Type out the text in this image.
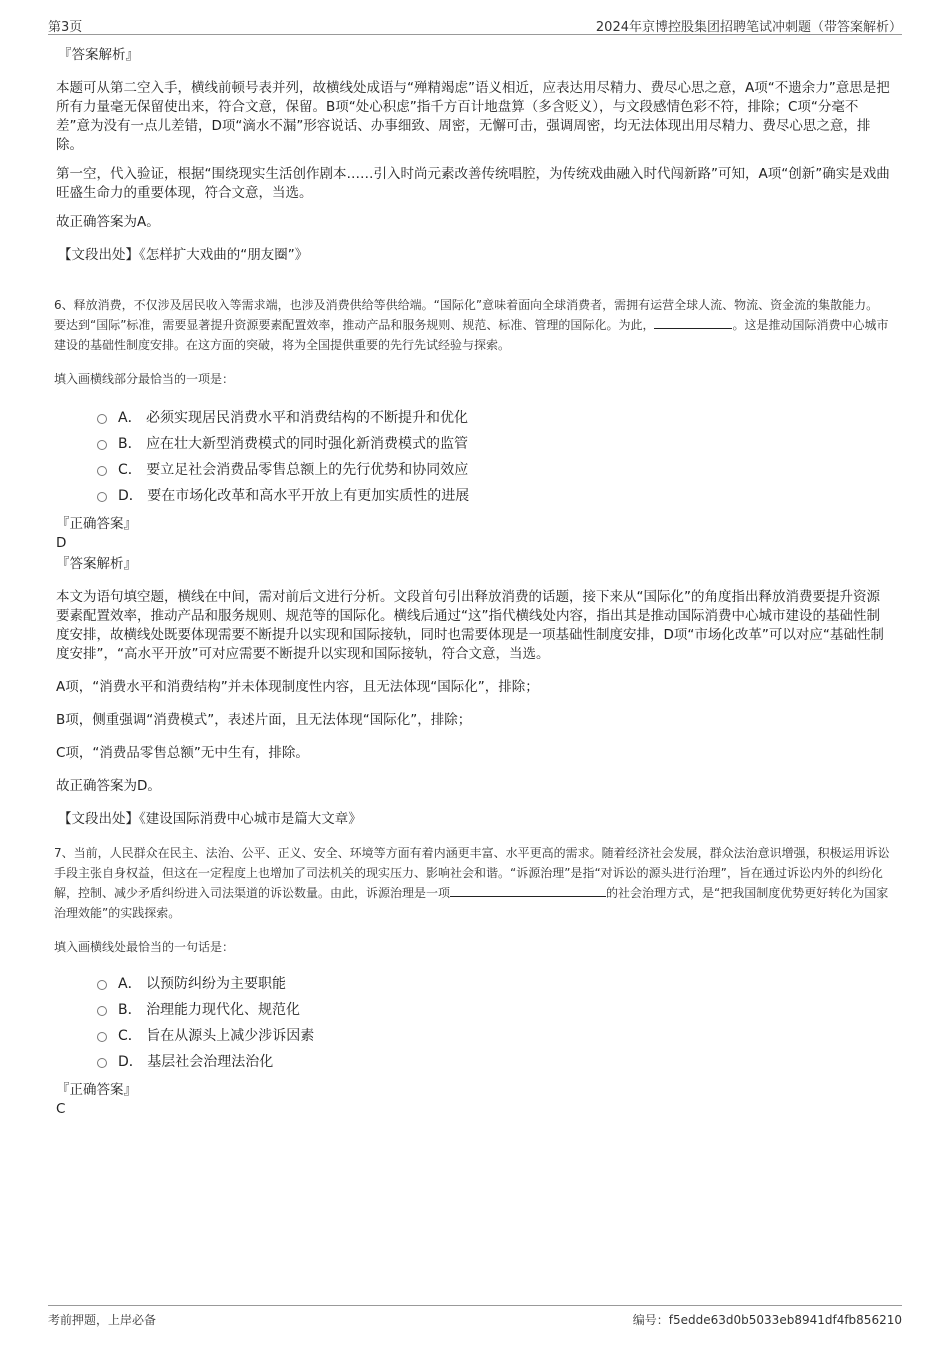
第3页	2024年京博控股集团招聘笔试冲刺题（带答案解析）
『答案解析』

本题可从第二空入手，横线前顿号表并列，故横线处成语与“殚精竭虑”语义相近，应表达用尽精力、费尽心思之意，A项“不遗余力”意思是把所有力量毫无保留使出来，符合文意，保留。B项“处心积虑”指千方百计地盘算（多含贬义），与文段感情色彩不符，排除；C项“分毫不差”意为没有一点儿差错，D项“滴水不漏”形容说话、办事细致、周密，无懈可击，强调周密，均无法体现出用尽精力、费尽心思之意，排除。

第一空，代入验证，根据“围绕现实生活创作剧本……引入时尚元素改善传统唱腔，为传统戏曲融入时代闯新路”可知，A项“创新”确实是戏曲旺盛生命力的重要体现，符合文意，当选。

故正确答案为A。

【文段出处】《怎样扩大戏曲的“朋友圈”》

6、释放消费，不仅涉及居民收入等需求端，也涉及消费供给等供给端。“国际化”意味着面向全球消费者，需拥有运营全球人流、物流、资金流的集散能力。要达到“国际”标准，需要显著提升资源要素配置效率，推动产品和服务规则、规范、标准、管理的国际化。为此，	。这是推动国际消费中心城市建设的基础性制度安排。在这方面的突破，将为全国提供重要的先行先试经验与探索。

填入画横线部分最恰当的一项是：

A． 必须实现居民消费水平和消费结构的不断提升和优化
B． 应在壮大新型消费模式的同时强化新消费模式的监管
C． 要立足社会消费品零售总额上的先行优势和协同效应
D． 要在市场化改革和高水平开放上有更加实质性的进展
『正确答案』
D
『答案解析』

本文为语句填空题，横线在中间，需对前后文进行分析。文段首句引出释放消费的话题，接下来从“国际化”的角度指出释放消费要提升资源要素配置效率，推动产品和服务规则、规范等的国际化。横线后通过“这”指代横线处内容，指出其是推动国际消费中心城市建设的基础性制度安排，故横线处既要体现需要不断提升以实现和国际接轨，同时也需要体现是一项基础性制度安排，D项“市场化改革”可以对应“基础性制度安排”，“高水平开放”可对应需要不断提升以实现和国际接轨，符合文意，当选。

A项，“消费水平和消费结构”并未体现制度性内容，且无法体现“国际化”，排除；

B项，侧重强调“消费模式”，表述片面，且无法体现“国际化”，排除；

C项，“消费品零售总额”无中生有，排除。

故正确答案为D。

【文段出处】《建设国际消费中心城市是篇大文章》

7、当前，人民群众在民主、法治、公平、正义、安全、环境等方面有着内涵更丰富、水平更高的需求。随着经济社会发展，群众法治意识增强，积极运用诉讼手段主张自身权益，但这在一定程度上也增加了司法机关的现实压力、影响社会和谐。“诉源治理”是指“对诉讼的源头进行治理”，旨在通过诉讼内外的纠纷化解，控制、减少矛盾纠纷进入司法渠道的诉讼数量。由此，诉源治理是一项	的社会治理方式，是“把我国制度优势更好转化为国家治理效能”的实践探索。

填入画横线处最恰当的一句话是：

A． 以预防纠纷为主要职能
B． 治理能力现代化、规范化
C． 旨在从源头上减少涉诉因素
D． 基层社会治理法治化
『正确答案』
C
考前押题，上岸必备	编号：f5edde63d0b5033eb8941df4fb856210
